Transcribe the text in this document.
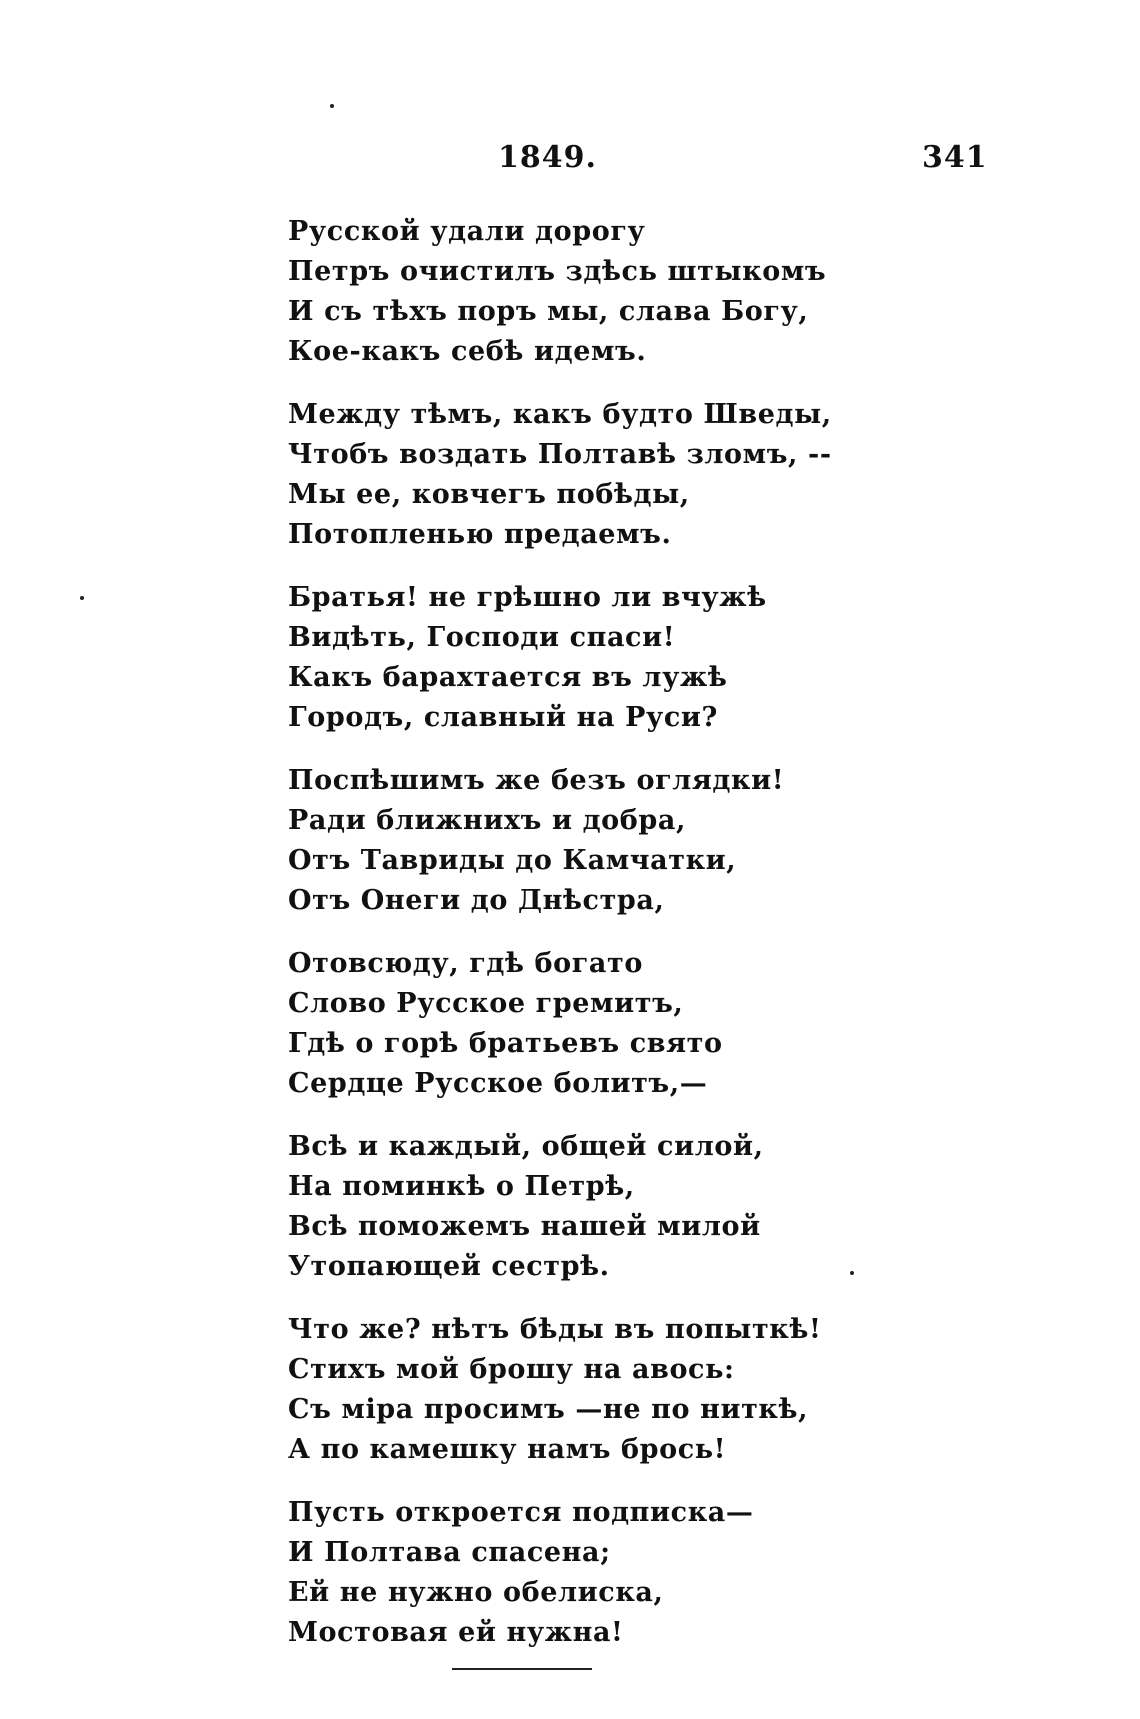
1849.	341
Русской удали дорогу
Петръ очистилъ здѣсь штыкомъ
И съ тѣхъ поръ мы, слава Богу,
Кое-какъ себѣ идемъ.
Между тѣмъ, какъ будто Шведы,
Чтобъ воздать Полтавѣ зломъ, --
Мы ее, ковчегъ побѣды,
Потопленью предаемъ.
Братья! не грѣшно ли вчужѣ
Видѣть, Господи спаси!
Какъ барахтается въ лужѣ
Городъ, славный на Руси?
Поспѣшимъ же безъ оглядки!
Ради ближнихъ и добра,
Отъ Тавриды до Камчатки,
Отъ Онеги до Днѣстра,
Отовсюду, гдѣ богато
Слово Русское гремитъ,
Гдѣ о горѣ братьевъ свято
Сердце Русское болитъ,—
Всѣ и каждый, общей силой,
На поминкѣ о Петрѣ,
Всѣ поможемъ нашей милой
Утопающей сестрѣ.
Что же? нѣтъ бѣды въ попыткѣ!
Стихъ мой брошу на авось:
Съ міра просимъ —не по ниткѣ,
А по камешку намъ брось!
Пусть откроется подписка—
И Полтава спасена;
Ей не нужно обелиска,
Мостовая ей нужна!
